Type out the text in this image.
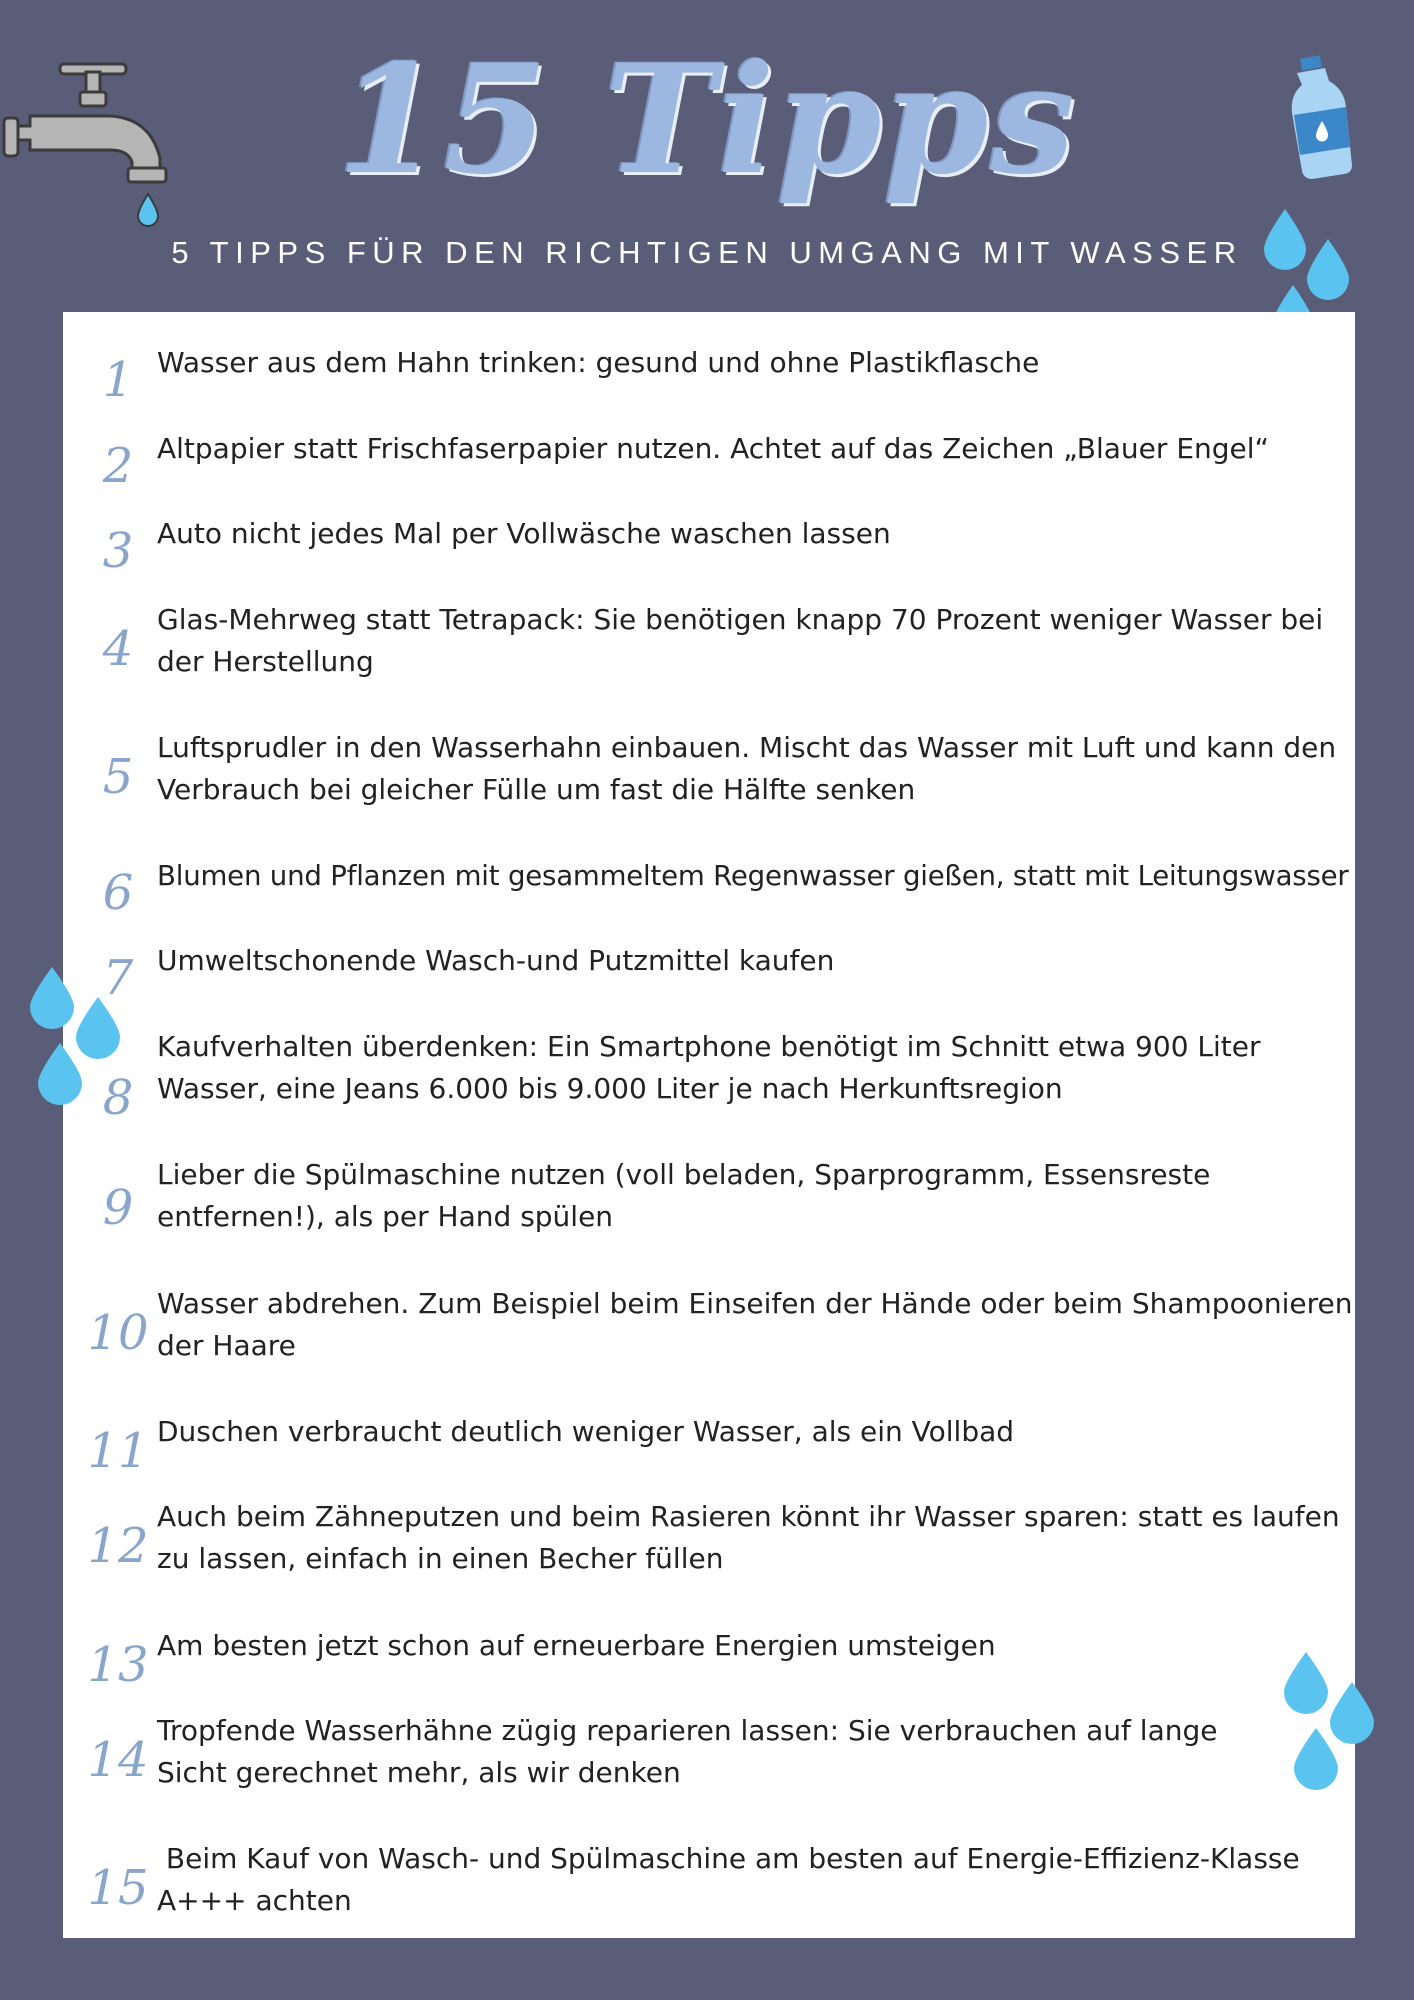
15 Tipps
5 TIPPS FÜR DEN RICHTIGEN UMGANG MIT WASSER
1 Wasser aus dem Hahn trinken: gesund und ohne Plastikflasche
2 Altpapier statt Frischfaserpapier nutzen. Achtet auf das Zeichen „Blauer Engel“
3 Auto nicht jedes Mal per Vollwäsche waschen lassen
4
Glas-Mehrweg statt Tetrapack: Sie benötigen knapp 70 Prozent weniger Wasser bei der Herstellung
5
Luftsprudler in den Wasserhahn einbauen. Mischt das Wasser mit Luft und kann den Verbrauch bei gleicher Fülle um fast die Hälfte senken
6 Blumen und Pflanzen mit gesammeltem Regenwasser gießen, statt mit Leitungswasser
7 Umweltschonende Wasch-und Putzmittel kaufen
8
Kaufverhalten überdenken: Ein Smartphone benötigt im Schnitt etwa 900 Liter Wasser, eine Jeans 6.000 bis 9.000 Liter je nach Herkunftsregion
9
Lieber die Spülmaschine nutzen (voll beladen, Sparprogramm, Essensreste entfernen!), als per Hand spülen
10
Wasser abdrehen. Zum Beispiel beim Einseifen der Hände oder beim Shampoonieren der Haare
11 Duschen verbraucht deutlich weniger Wasser, als ein Vollbad
12
Auch beim Zähneputzen und beim Rasieren könnt ihr Wasser sparen: statt es laufen zu lassen, einfach in einen Becher füllen
13 Am besten jetzt schon auf erneuerbare Energien umsteigen
14
Tropfende Wasserhähne zügig reparieren lassen: Sie verbrauchen auf lange Sicht gerechnet mehr, als wir denken
15
Beim Kauf von Wasch- und Spülmaschine am besten auf Energie-Effizienz-Klasse A+++ achten
